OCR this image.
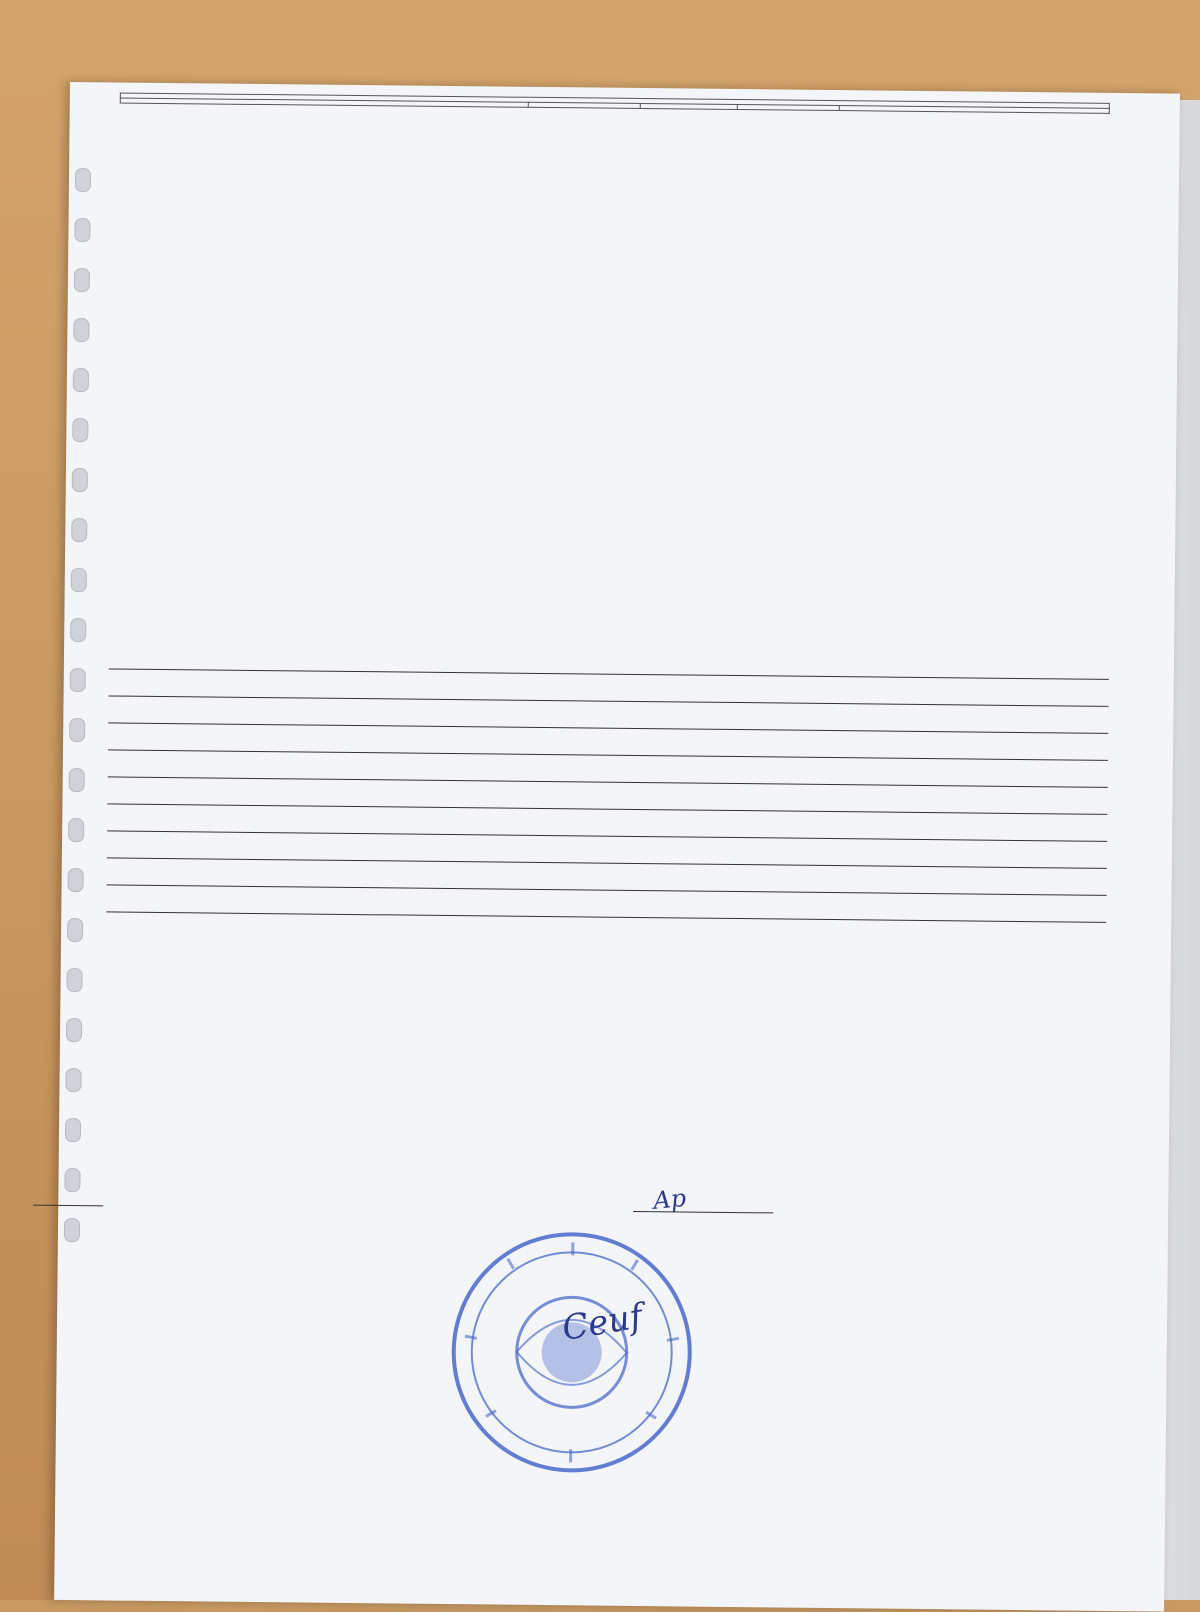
Ap
Ceuf
